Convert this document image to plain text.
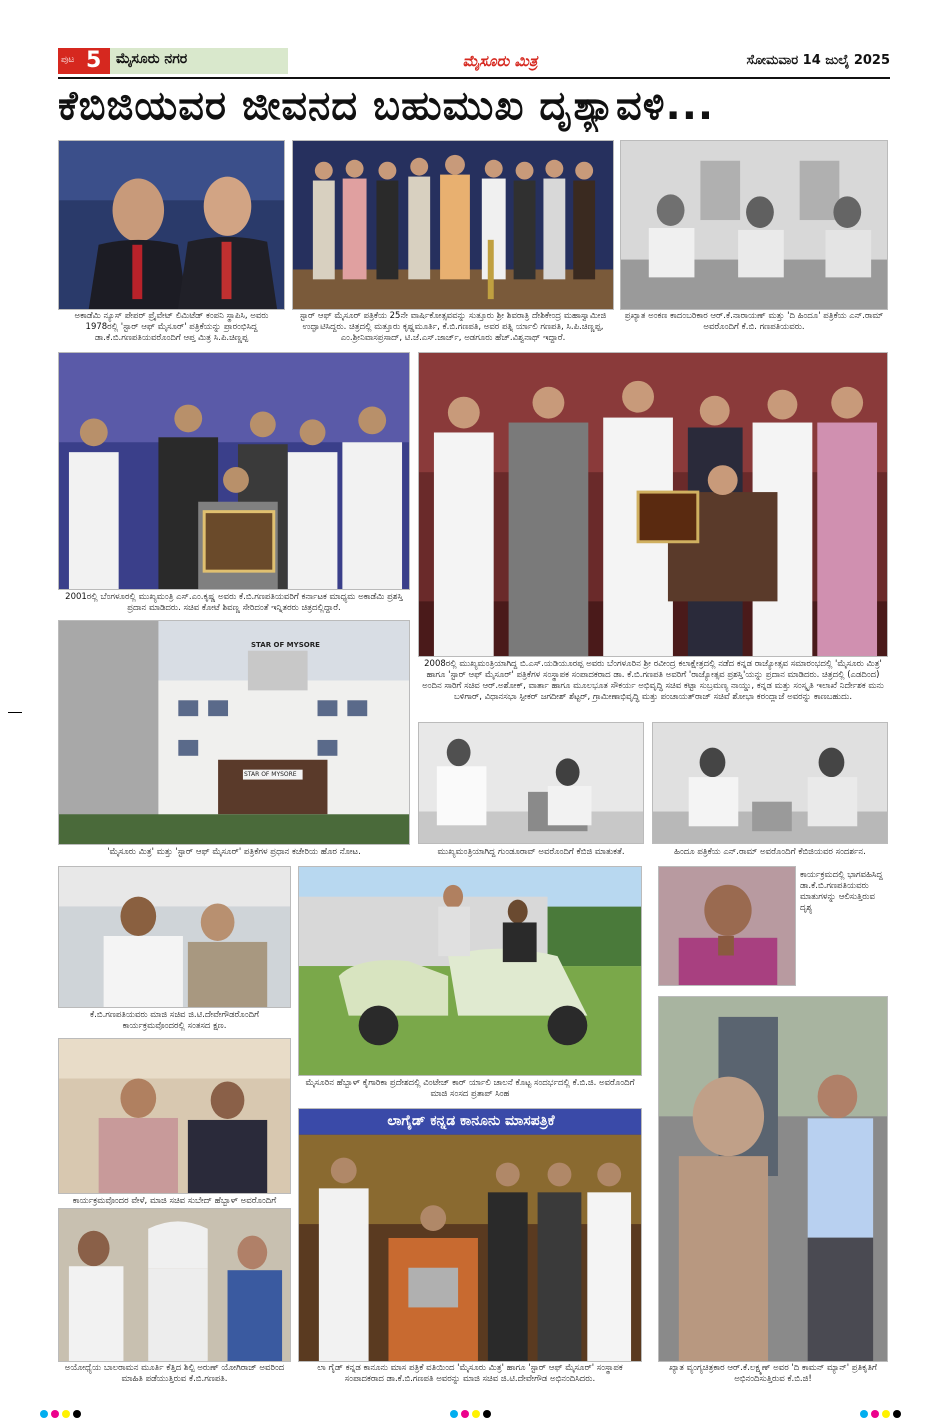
ಪುಟ 5 ಮೈಸೂರು ನಗರ	ಮೈಸೂರು ಮಿತ್ರ	ಸೋಮವಾರ 14 ಜುಲೈ 2025
ಕೆಬಿಜಿಯವರ ಜೀವನದ ಬಹುಮುಖ ದೃಶ್ಯಾವಳಿ...
ಅಕಾಡೆಮಿ ನ್ಯೂಸ್ ಪೇಪರ್ ಪ್ರೈವೇಟ್ ಲಿಮಿಟೆಡ್ ಕಂಪನಿ ಸ್ಥಾಪಿಸಿ, ಅವರು 1978ರಲ್ಲಿ 'ಸ್ಟಾರ್ ಆಫ್ ಮೈಸೂರ್' ಪತ್ರಿಕೆಯನ್ನು ಪ್ರಾರಂಭಿಸಿದ್ದ ಡಾ.ಕೆ.ಬಿ.ಗಣಪತಿಯವರೊಂದಿಗೆ ಆಪ್ತ ಮಿತ್ರ ಸಿ.ಪಿ.ಚಿಣ್ಣಪ್ಪ
ಸ್ಟಾರ್ ಆಫ್ ಮೈಸೂರ್ ಪತ್ರಿಕೆಯ 25ನೇ ವಾರ್ಷಿಕೋತ್ಸವವನ್ನು ಸುತ್ತೂರು ಶ್ರೀ ಶಿವರಾತ್ರಿ ದೇಶಿಕೇಂದ್ರ ಮಹಾಸ್ವಾಮೀಜಿ ಉದ್ಘಾಟಿಸಿದ್ದರು. ಚಿತ್ರದಲ್ಲಿ ಮತ್ತೂರು ಕೃಷ್ಣಮೂರ್ತಿ, ಕೆ.ಬಿ.ಗಣಪತಿ, ಅವರ ಪತ್ನಿ ರ್ಯಾಲಿ ಗಣಪತಿ, ಸಿ.ಪಿ.ಚಿಣ್ಣಪ್ಪ, ಎಂ.ಶ್ರೀನಿವಾಸಪ್ರಸಾದ್, ಟಿ.ಜೆ.ಎಸ್.ಜಾರ್ಜ್, ಅಡಗೂರು ಹೆಚ್.ವಿಶ್ವನಾಥ್ ಇದ್ದಾರೆ.
ಪ್ರಖ್ಯಾತ ಅಂಕಣ ಕಾದಂಬರಿಕಾರ ಆರ್.ಕೆ.ನಾರಾಯಣ್ ಮತ್ತು 'ದಿ ಹಿಂದೂ' ಪತ್ರಿಕೆಯ ಎನ್.ರಾಮ್ ಅವರೊಂದಿಗೆ ಕೆ.ಬಿ. ಗಣಪತಿಯವರು.
2001ರಲ್ಲಿ ಬೆಂಗಳೂರಲ್ಲಿ ಮುಖ್ಯಮಂತ್ರಿ ಎಸ್.ಎಂ.ಕೃಷ್ಣ ಅವರು ಕೆ.ಬಿ.ಗಣಪತಿಯವರಿಗೆ ಕರ್ನಾಟಕ ಮಾಧ್ಯಮ ಅಕಾಡೆಮಿ ಪ್ರಶಸ್ತಿ ಪ್ರದಾನ ಮಾಡಿದರು. ಸಚಿವ ಕೋಟೆ ಶಿವಣ್ಣ ಸೇರಿದಂತೆ ಇನ್ನಿತರರು ಚಿತ್ರದಲ್ಲಿದ್ದಾರೆ.
2008ರಲ್ಲಿ ಮುಖ್ಯಮಂತ್ರಿಯಾಗಿದ್ದ ಬಿ.ಎಸ್.ಯಡಿಯೂರಪ್ಪ ಅವರು ಬೆಂಗಳೂರಿನ ಶ್ರೀ ರವೀಂದ್ರ ಕಲಾಕ್ಷೇತ್ರದಲ್ಲಿ ನಡೆದ ಕನ್ನಡ ರಾಜ್ಯೋತ್ಸವ ಸಮಾರಂಭದಲ್ಲಿ 'ಮೈಸೂರು ಮಿತ್ರ' ಹಾಗೂ 'ಸ್ಟಾರ್ ಆಫ್ ಮೈಸೂರ್' ಪತ್ರಿಕೆಗಳ ಸಂಸ್ಥಾಪಕ ಸಂಪಾದಕರಾದ ಡಾ. ಕೆ.ಬಿ.ಗಣಪತಿ ಅವರಿಗೆ 'ರಾಜ್ಯೋತ್ಸವ ಪ್ರಶಸ್ತಿ'ಯನ್ನು ಪ್ರದಾನ ಮಾಡಿದರು. ಚಿತ್ರದಲ್ಲಿ (ಎಡದಿಂದ) ಅಂದಿನ ಸಾರಿಗೆ ಸಚಿವ ಆರ್.ಅಶೋಕ್, ವಾರ್ತಾ ಹಾಗೂ ಮೂಲಭೂತ ಸೌಕರ್ಯ ಅಭಿವೃದ್ಧಿ ಸಚಿವ ಕಟ್ಟಾ ಸುಬ್ರಮಣ್ಯ ನಾಯ್ಡು, ಕನ್ನಡ ಮತ್ತು ಸಂಸ್ಕೃತಿ ಇಲಾಖೆ ನಿರ್ದೇಶಕ ಮನು ಬಳಿಗಾರ್, ವಿಧಾನಸಭಾ ಸ್ಪೀಕರ್ ಜಗದೀಶ್ ಶೆಟ್ಟರ್, ಗ್ರಾಮೀಣಾಭಿವೃದ್ಧಿ ಮತ್ತು ಪಂಚಾಯತ್‌ರಾಜ್ ಸಚಿವೆ ಶೋಭಾ ಕರಂದ್ಲಾಜೆ ಅವರನ್ನು ಕಾಣಬಹುದು.
STAR OF MYSORE
STAR OF MYSORE
'ಮೈಸೂರು ಮಿತ್ರ' ಮತ್ತು 'ಸ್ಟಾರ್ ಆಫ್ ಮೈಸೂರ್' ಪತ್ರಿಕೆಗಳ ಪ್ರಧಾನ ಕಚೇರಿಯ ಹೊರ ನೋಟ.	ಮುಖ್ಯಮಂತ್ರಿಯಾಗಿದ್ದ ಗುಂಡೂರಾವ್ ಅವರೊಂದಿಗೆ ಕೆಬಿಜಿ ಮಾತುಕತೆ.	ಹಿಂದೂ ಪತ್ರಿಕೆಯ ಎನ್.ರಾಮ್ ಅವರೊಂದಿಗೆ ಕೆಬಿಜಿಯವರ ಸಂದರ್ಶನ.
ಕೆ.ಬಿ.ಗಣಪತಿಯವರು ಮಾಜಿ ಸಚಿವ ಜಿ.ಟಿ.ದೇವೇಗೌಡರೊಂದಿಗೆ ಕಾರ್ಯಕ್ರಮವೊಂದರಲ್ಲಿ ಸಂತಸದ ಕ್ಷಣ.
ಮೈಸೂರಿನ ಹೆಬ್ಬಾಳ್ ಕೈಗಾರಿಕಾ ಪ್ರದೇಶದಲ್ಲಿ ವಿಂಟೇಜ್ ಕಾರ್ ರ್ಯಾಲಿ ಚಾಲನೆ ಕೊಟ್ಟ ಸಂದರ್ಭದಲ್ಲಿ ಕೆ.ಬಿ.ಜಿ. ಅವರೊಂದಿಗೆ ಮಾಜಿ ಸಂಸದ ಪ್ರತಾಪ್ ಸಿಂಹ
ಕಾರ್ಯಕ್ರಮದಲ್ಲಿ ಭಾಗವಹಿಸಿದ್ದ ಡಾ.ಕೆ.ಬಿ.ಗಣಪತಿಯವರು ಮಾತುಗಳನ್ನು ಆಲಿಸುತ್ತಿರುವ ದೃಶ್ಯ
ಕಾರ್ಯಕ್ರಮವೊಂದರ ವೇಳೆ, ಮಾಜಿ ಸಚಿವ ಸುಬೇದ್ ಹೆಬ್ಬಾಳ್ ಅವರೊಂದಿಗೆ
ಲಾಗೈಡ್ ಕನ್ನಡ ಕಾನೂನು ಮಾಸಪತ್ರಿಕೆ
ಲಾ ಗೈಡ್ ಕನ್ನಡ ಕಾನೂನು ಮಾಸ ಪತ್ರಿಕೆ ವತಿಯಿಂದ 'ಮೈಸೂರು ಮಿತ್ರ' ಹಾಗೂ 'ಸ್ಟಾರ್ ಆಫ್ ಮೈಸೂರ್' ಸಂಸ್ಥಾಪಕ ಸಂಪಾದಕರಾದ ಡಾ.ಕೆ.ಬಿ.ಗಣಪತಿ ಅವರನ್ನು ಮಾಜಿ ಸಚಿವ ಜಿ.ಟಿ.ದೇವೇಗೌಡ ಅಭಿನಂದಿಸಿದರು.
ಖ್ಯಾತ ವ್ಯಂಗ್ಯಚಿತ್ರಕಾರ ಆರ್.ಕೆ.ಲಕ್ಷ್ಮಣ್ ಅವರ 'ದಿ ಕಾಮನ್ ಮ್ಯಾನ್' ಪ್ರತಿಕೃತಿಗೆ ಅಭಿನಂದಿಸುತ್ತಿರುವ ಕೆ.ಬಿ.ಜಿ!
ಅಯೋಧ್ಯೆಯ ಬಾಲರಾಮನ ಮೂರ್ತಿ ಕೆತ್ತಿದ ಶಿಲ್ಪಿ ಅರುಣ್ ಯೋಗಿರಾಜ್ ಅವರಿಂದ ಮಾಹಿತಿ ಪಡೆಯುತ್ತಿರುವ ಕೆ.ಬಿ.ಗಣಪತಿ.
